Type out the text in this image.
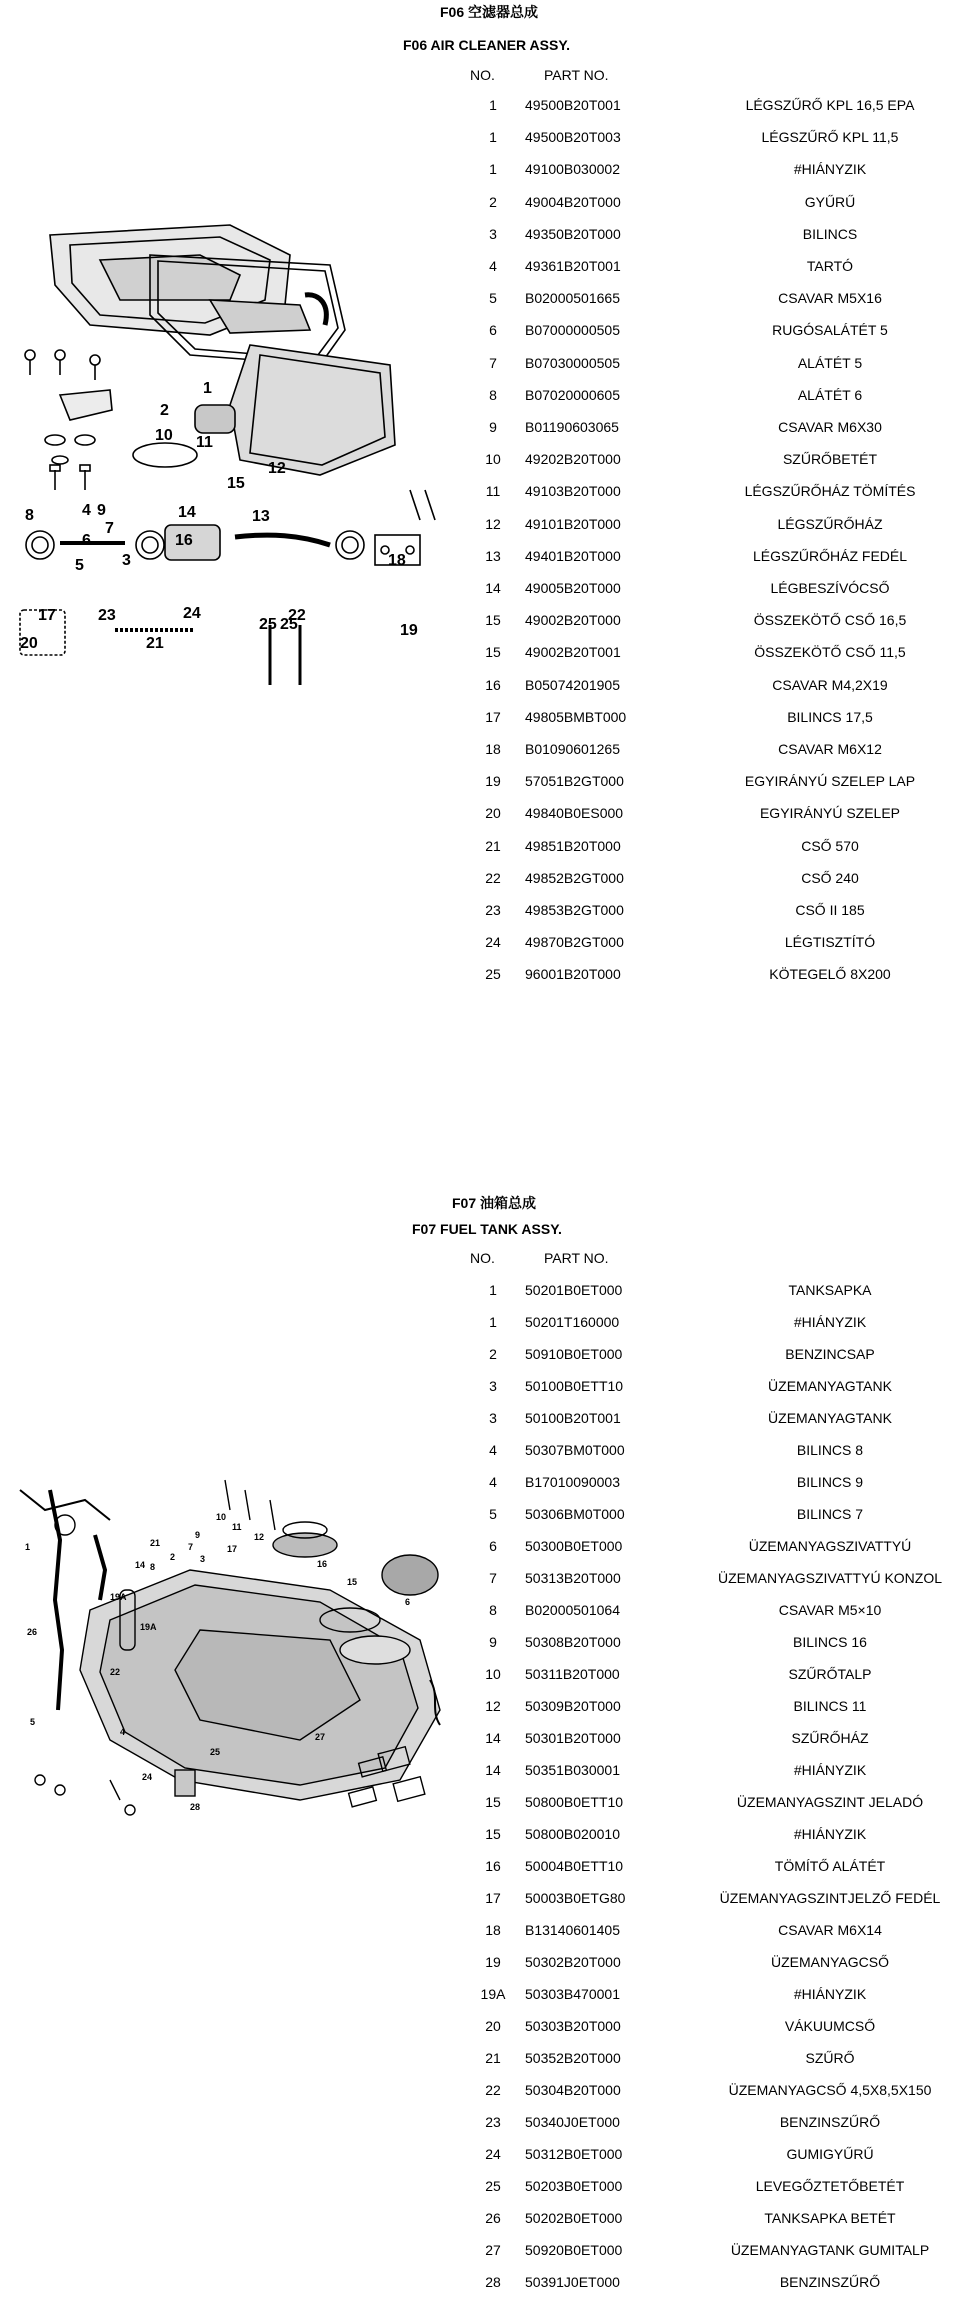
F06 空滤器总成
F06 AIR CLEANER ASSY.
NO.	PART NO.
1	49500B20T001	LÉGSZŰRŐ KPL 16,5 EPA
1	49500B20T003	LÉGSZŰRŐ KPL 11,5
1	49100B030002	#HIÁNYZIK
2	49004B20T000	GYŰRŰ
3	49350B20T000	BILINCS
4	49361B20T001	TARTÓ
5	B02000501665	CSAVAR M5X16
6	B07000000505	RUGÓSALÁTÉT 5
7	B07030000505	ALÁTÉT 5
8	B07020000605	ALÁTÉT 6
9	B01190603065	CSAVAR M6X30
10	49202B20T000	SZŰRŐBETÉT
11	49103B20T000	LÉGSZŰRŐHÁZ TÖMÍTÉS
12	49101B20T000	LÉGSZŰRŐHÁZ
13	49401B20T000	LÉGSZŰRŐHÁZ FEDÉL
14	49005B20T000	LÉGBESZÍVÓCSŐ
15	49002B20T000	ÖSSZEKÖTŐ CSŐ 16,5
15	49002B20T001	ÖSSZEKÖTŐ CSŐ 11,5
16	B05074201905	CSAVAR M4,2X19
17	49805BMBT000	BILINCS 17,5
18	B01090601265	CSAVAR M6X12
19	57051B2GT000	EGYIRÁNYÚ SZELEP LAP
20	49840B0ES000	EGYIRÁNYÚ SZELEP
21	49851B20T000	CSŐ 570
22	49852B2GT000	CSŐ 240
23	49853B2GT000	CSŐ II 185
24	49870B2GT000	LÉGTISZTÍTÓ
25	96001B20T000	KÖTEGELŐ 8X200
1
2
10 11
15
13
12
14
16
3
4
8
7
9
6
5
17	23	24	22
18
19
25 25
20	21
F07 油箱总成
F07 FUEL TANK ASSY.
NO.	PART NO.
1	50201B0ET000	TANKSAPKA
1	50201T160000	#HIÁNYZIK
2	50910B0ET000	BENZINCSAP
3	50100B0ETT10	ÜZEMANYAGTANK
3	50100B20T001	ÜZEMANYAGTANK
4	50307BM0T000	BILINCS 8
4	B17010090003	BILINCS 9
5	50306BM0T000	BILINCS 7
6	50300B0ET000	ÜZEMANYAGSZIVATTYÚ
7	50313B20T000	ÜZEMANYAGSZIVATTYÚ KONZOL
8	B02000501064	CSAVAR M5×10
9	50308B20T000	BILINCS 16
10	50311B20T000	SZŰRŐTALP
12	50309B20T000	BILINCS 11
14	50301B20T000	SZŰRŐHÁZ
14	50351B030001	#HIÁNYZIK
15	50800B0ETT10	ÜZEMANYAGSZINT JELADÓ
15	50800B020010	#HIÁNYZIK
16	50004B0ETT10	TÖMÍTŐ ALÁTÉT
17	50003B0ETG80	ÜZEMANYAGSZINTJELZŐ FEDÉL
18	B13140601405	CSAVAR M6X14
19	50302B20T000	ÜZEMANYAGCSŐ
19A	50303B470001	#HIÁNYZIK
20	50303B20T000	VÁKUUMCSŐ
21	50352B20T000	SZŰRŐ
22	50304B20T000	ÜZEMANYAGCSŐ 4,5X8,5X150
23	50340J0ET000	BENZINSZŰRŐ
24	50312B0ET000	GUMIGYŰRŰ
25	50203B0ET000	LEVEGŐZTETŐBETÉT
26	50202B0ET000	TANKSAPKA BETÉT
27	50920B0ET000	ÜZEMANYAGTANK GUMITALP
28	50391J0ET000	BENZINSZŰRŐ
10
11
12
9
21	7
8
17
16
15
6
2
14
3
19A
19A
22
26
1
5
4	27
24
25
28
